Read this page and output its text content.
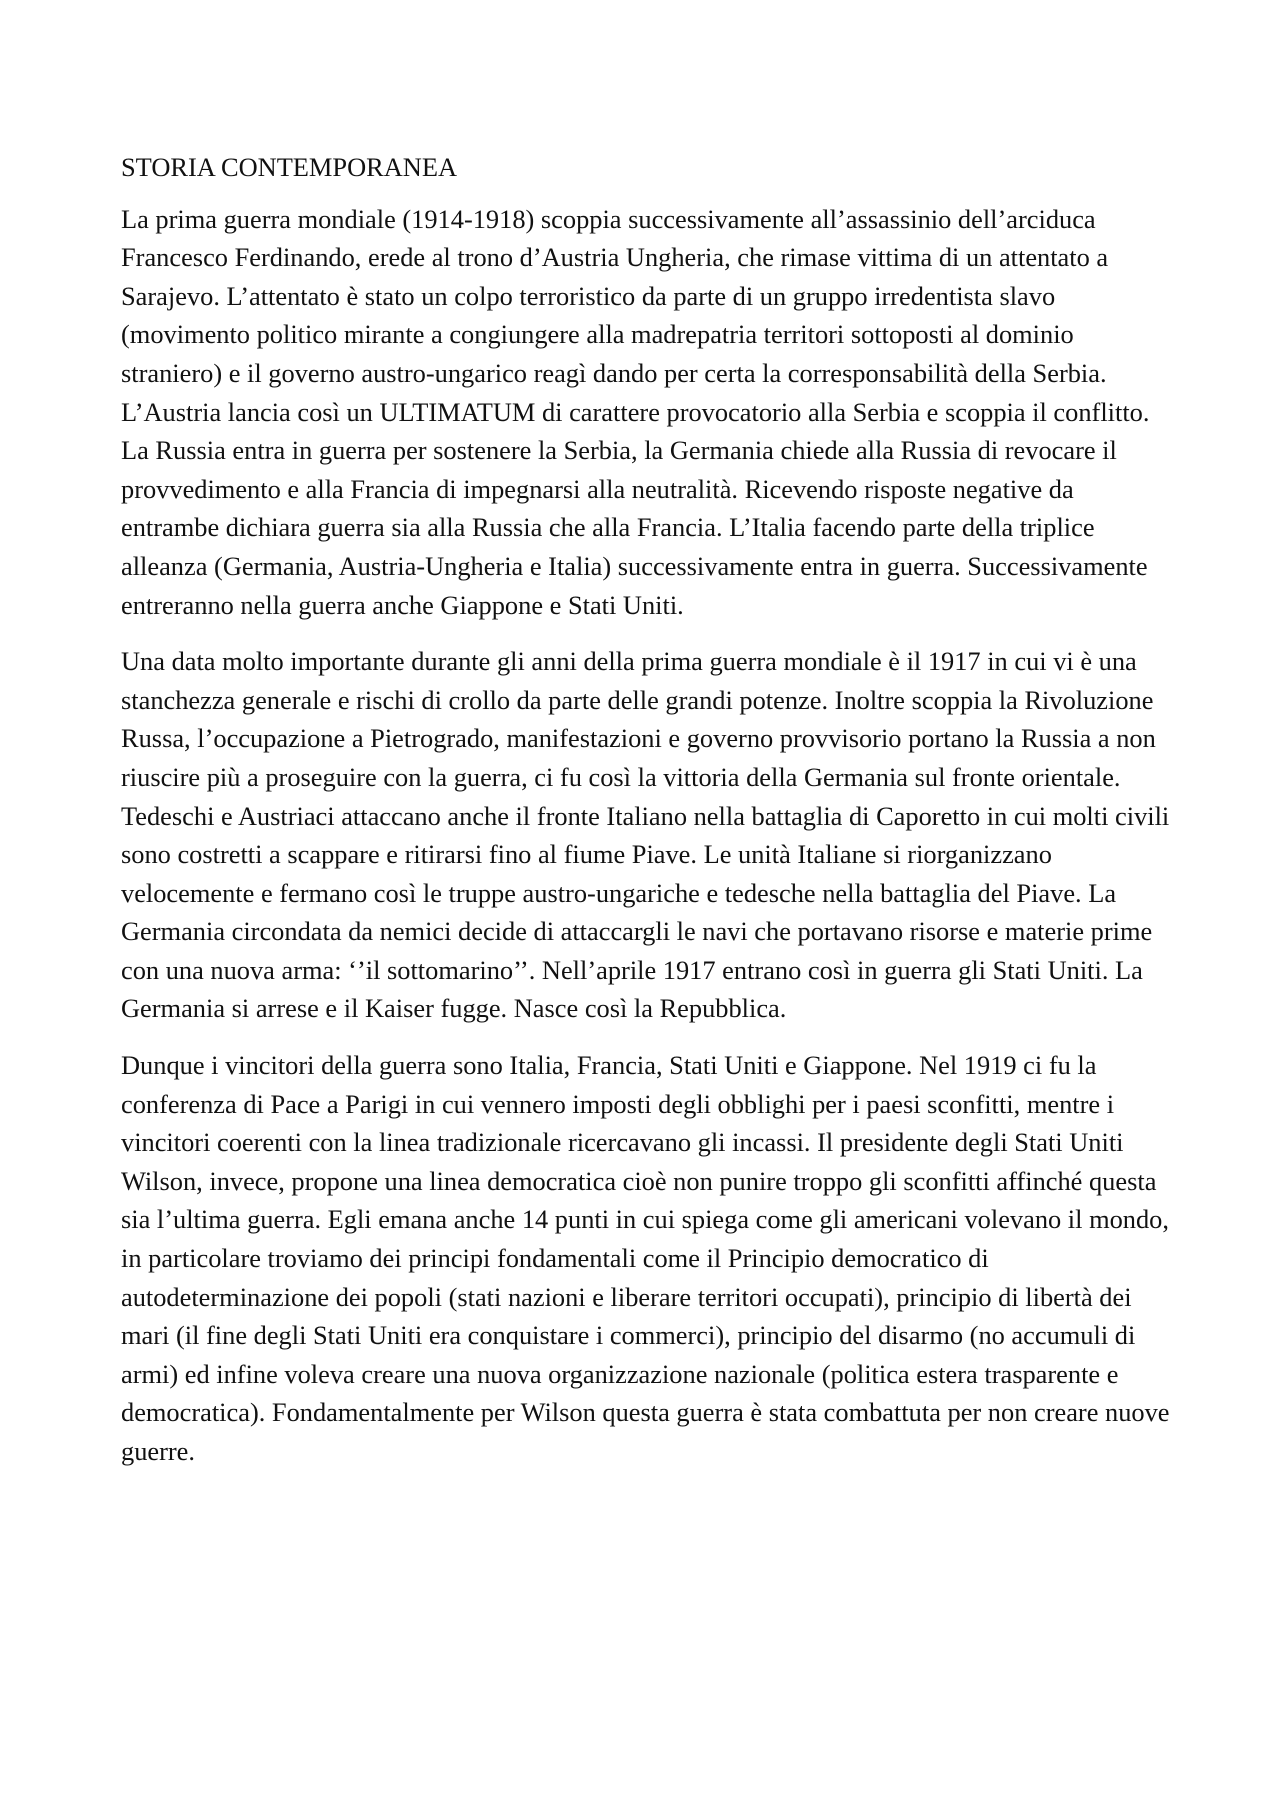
STORIA CONTEMPORANEA

La prima guerra mondiale (1914-1918) scoppia successivamente all’assassinio dell’arciduca Francesco Ferdinando, erede al trono d’Austria Ungheria, che rimase vittima di un attentato a Sarajevo. L’attentato è stato un colpo terroristico da parte di un gruppo irredentista slavo (movimento politico mirante a congiungere alla madrepatria territori sottoposti al dominio straniero) e il governo austro-ungarico reagì dando per certa la corresponsabilità della Serbia. L’Austria lancia così un ULTIMATUM di carattere provocatorio alla Serbia e scoppia il conflitto. La Russia entra in guerra per sostenere la Serbia, la Germania chiede alla Russia di revocare il provvedimento e alla Francia di impegnarsi alla neutralità. Ricevendo risposte negative da entrambe dichiara guerra sia alla Russia che alla Francia. L’Italia facendo parte della triplice alleanza (Germania, Austria-Ungheria e Italia) successivamente entra in guerra. Successivamente entreranno nella guerra anche Giappone e Stati Uniti.

Una data molto importante durante gli anni della prima guerra mondiale è il 1917 in cui vi è una stanchezza generale e rischi di crollo da parte delle grandi potenze. Inoltre scoppia la Rivoluzione Russa, l’occupazione a Pietrogrado, manifestazioni e governo provvisorio portano la Russia a non riuscire più a proseguire con la guerra, ci fu così la vittoria della Germania sul fronte orientale. Tedeschi e Austriaci attaccano anche il fronte Italiano nella battaglia di Caporetto in cui molti civili sono costretti a scappare e ritirarsi fino al fiume Piave. Le unità Italiane si riorganizzano velocemente e fermano così le truppe austro-ungariche e tedesche nella battaglia del Piave. La Germania circondata da nemici decide di attaccargli le navi che portavano risorse e materie prime con una nuova arma: ‘’il sottomarino’’. Nell’aprile 1917 entrano così in guerra gli Stati Uniti. La Germania si arrese e il Kaiser fugge. Nasce così la Repubblica.

Dunque i vincitori della guerra sono Italia, Francia, Stati Uniti e Giappone. Nel 1919 ci fu la conferenza di Pace a Parigi in cui vennero imposti degli obblighi per i paesi sconfitti, mentre i vincitori coerenti con la linea tradizionale ricercavano gli incassi. Il presidente degli Stati Uniti Wilson, invece, propone una linea democratica cioè non punire troppo gli sconfitti affinché questa sia l’ultima guerra. Egli emana anche 14 punti in cui spiega come gli americani volevano il mondo, in particolare troviamo dei principi fondamentali come il Principio democratico di autodeterminazione dei popoli (stati nazioni e liberare territori occupati), principio di libertà dei mari (il fine degli Stati Uniti era conquistare i commerci), principio del disarmo (no accumuli di armi) ed infine voleva creare una nuova organizzazione nazionale (politica estera trasparente e democratica). Fondamentalmente per Wilson questa guerra è stata combattuta per non creare nuove guerre.
